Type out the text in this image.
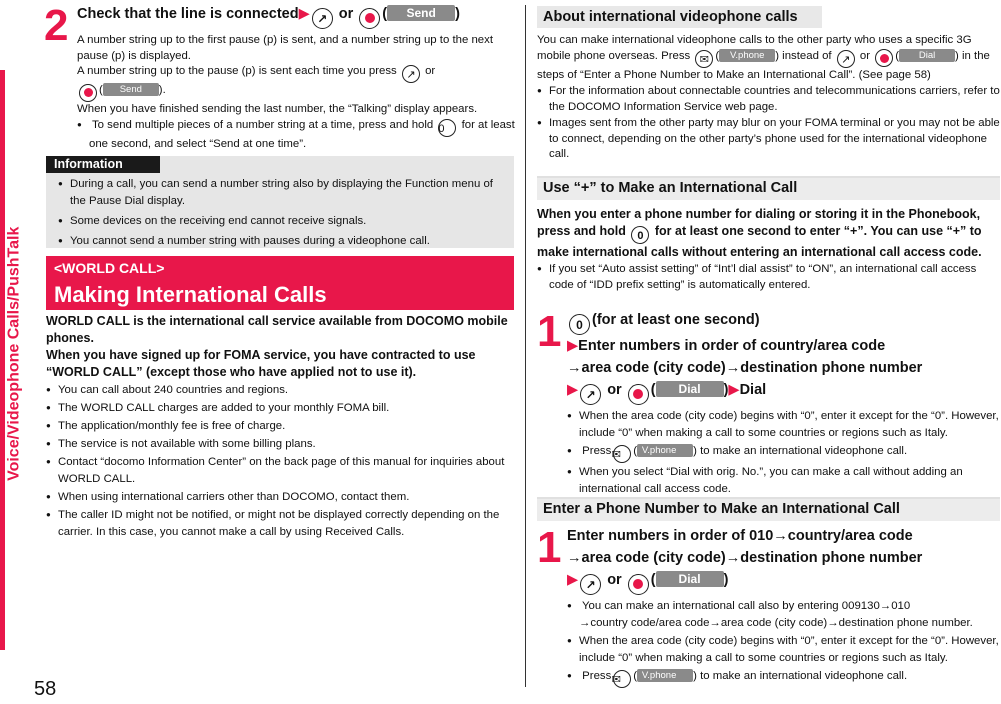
Voice/Videophone Calls/PushTalk
58
2 Check that the line is connected▶ ↗ or ( Send )
A number string up to the first pause (p) is sent, and a number string up to the next pause (p) is displayed.
A number string up to the pause (p) is sent each time you press ↗ or
( Send ).
When you have finished sending the last number, the “Talking” display appears.
● To send multiple pieces of a number string at a time, press and hold 0 for at least one second, and select “Send at one time”.
Information
● During a call, you can send a number string also by displaying the Function menu of the Pause Dial display.
● Some devices on the receiving end cannot receive signals.
● You cannot send a number string with pauses during a videophone call.
<WORLD CALL>
Making International Calls
WORLD CALL is the international call service available from DOCOMO mobile phones.
When you have signed up for FOMA service, you have contracted to use “WORLD CALL” (except those who have applied not to use it).
● You can call about 240 countries and regions.
● The WORLD CALL charges are added to your monthly FOMA bill.
● The application/monthly fee is free of charge.
● The service is not available with some billing plans.
● Contact “docomo Information Center” on the back page of this manual for inquiries about WORLD CALL.
● When using international carriers other than DOCOMO, contact them.
● The caller ID might not be notified, or might not be displayed correctly depending on the carrier. In this case, you cannot make a call by using Received Calls.
About international videophone calls
You can make international videophone calls to the other party who uses a specific 3G mobile phone overseas. Press ✉ ( V.phone ) instead of ↗ or ( Dial ) in the steps of “Enter a Phone Number to Make an International Call”. (See page 58)
● For the information about connectable countries and telecommunications carriers, refer to the DOCOMO Information Service web page.
● Images sent from the other party may blur on your FOMA terminal or you may not be able to connect, depending on the other party’s phone used for the international videophone call.
Use “+” to Make an International Call
When you enter a phone number for dialing or storing it in the Phonebook, press and hold 0 for at least one second to enter “+”. You can use “+” to make international calls without entering an international call access code.
● If you set “Auto assist setting” of “Int’l dial assist” to “ON”, an international call access code of “IDD prefix setting” is automatically entered.
1	0 (for at least one second)
▶Enter numbers in order of country/area code
→area code (city code)→destination phone number
▶ ↗ or ( Dial )▶Dial
● When the area code (city code) begins with “0”, enter it except for the “0”. However, include “0” when making a call to some countries or regions such as Italy.
● Press✉ ( V.phone ) to make an international videophone call.
● When you select “Dial with orig. No.”, you can make a call without adding an international call access code.
Enter a Phone Number to Make an International Call
1 Enter numbers in order of 010→country/area code
→area code (city code)→destination phone number
▶ ↗ or ( Dial )
● You can make an international call also by entering 009130→010
→country code/area code→area code (city code)→destination phone number.
● When the area code (city code) begins with “0”, enter it except for the “0”. However, include “0” when making a call to some countries or regions such as Italy.
● Press✉ ( V.phone ) to make an international videophone call.
